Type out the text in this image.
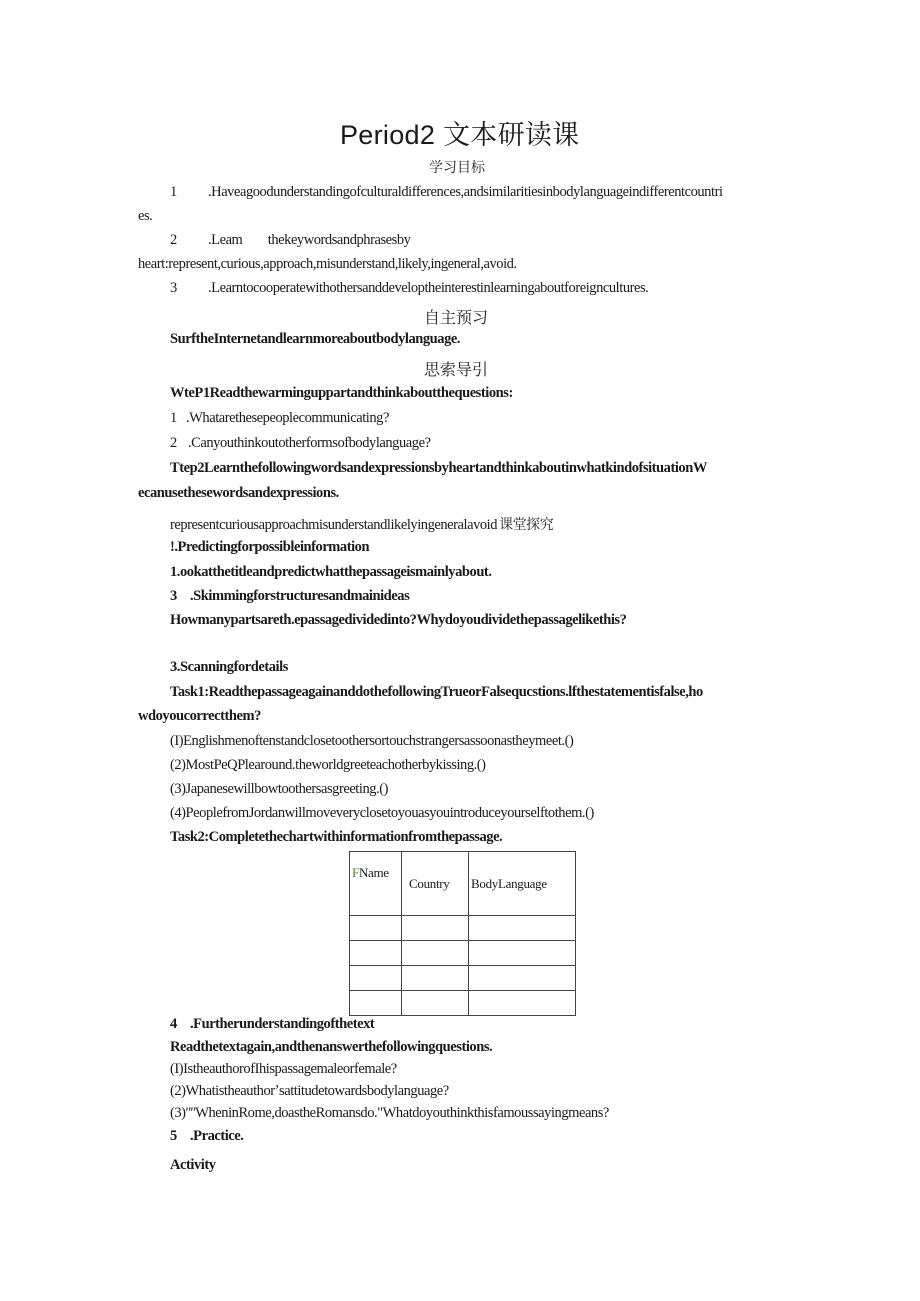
Period2 文本研读课
学习目标
1 .Haveagoodunderstandingofculturaldifferences,andsimilaritiesinbodylanguageindifferentcountri
es.
2 .Leam        thekeywordsandphrasesby
heart:represent,curious,approach,misunderstand,likely,ingeneral,avoid.
3 .Learntocooperatewithothersanddeveloptheinterestinlearningaboutforeigncultures.
自主预习
SurftheInternetandlearnmoreaboutbodylanguage.
思索导引
WteP1Readthewarminguppartandthinkaboutthequestions:
1 .Whatarethesepeoplecommunicating?
2 .Canyouthinkoutotherformsofbodylanguage?
Ttep2LearnthefollowingwordsandexpressionsbyheartandthinkaboutinwhatkindofsituationW
ecanusethesewordsandexpressions.
representcuriousapproachmisunderstandlikelyingeneralavoid 课堂探究
!.Predictingforpossibleinformation
1.ookatthetitleandpredictwhatthepassageismainlyabout.
3 .Skimmingforstructuresandmainideas
Howmanypartsareth.epassagedividedinto?Whydoyoudividethepassagelikethis?
3.Scanningfordetails
Task1:ReadthepassageagainanddothefollowingTrueorFalsequcstions.lfthestatementisfalse,ho
wdoyoucorrectthem?
(I)Englishmenoftenstandclosetoothersortouchstrangersassoonastheymeet.()
(2)MostPeQPlearound.theworldgreeteachotherbykissing.()
(3)Japanesewillbowtoothersasgreeting.()
(4)PeoplefromJordanwillmoveveryclosetoyouasyouintroduceyourselftothem.()
Task2:Completethechartwithinformationfromthepassage.
FName	Country	BodyLanguage

4 .Furtherunderstandingofthetext
Readthetextagain,andthenanswerthefollowingquestions.
(I)IstheauthorofIhispassagemaleorfemale?
(2)Whatistheauthorʼsattitudetowardsbodylanguage?
(3)ʺʺWheninRome,doastheRomansdo."Whatdoyouthinkthisfamoussayingmeans?
5 .Practice.
Activity
